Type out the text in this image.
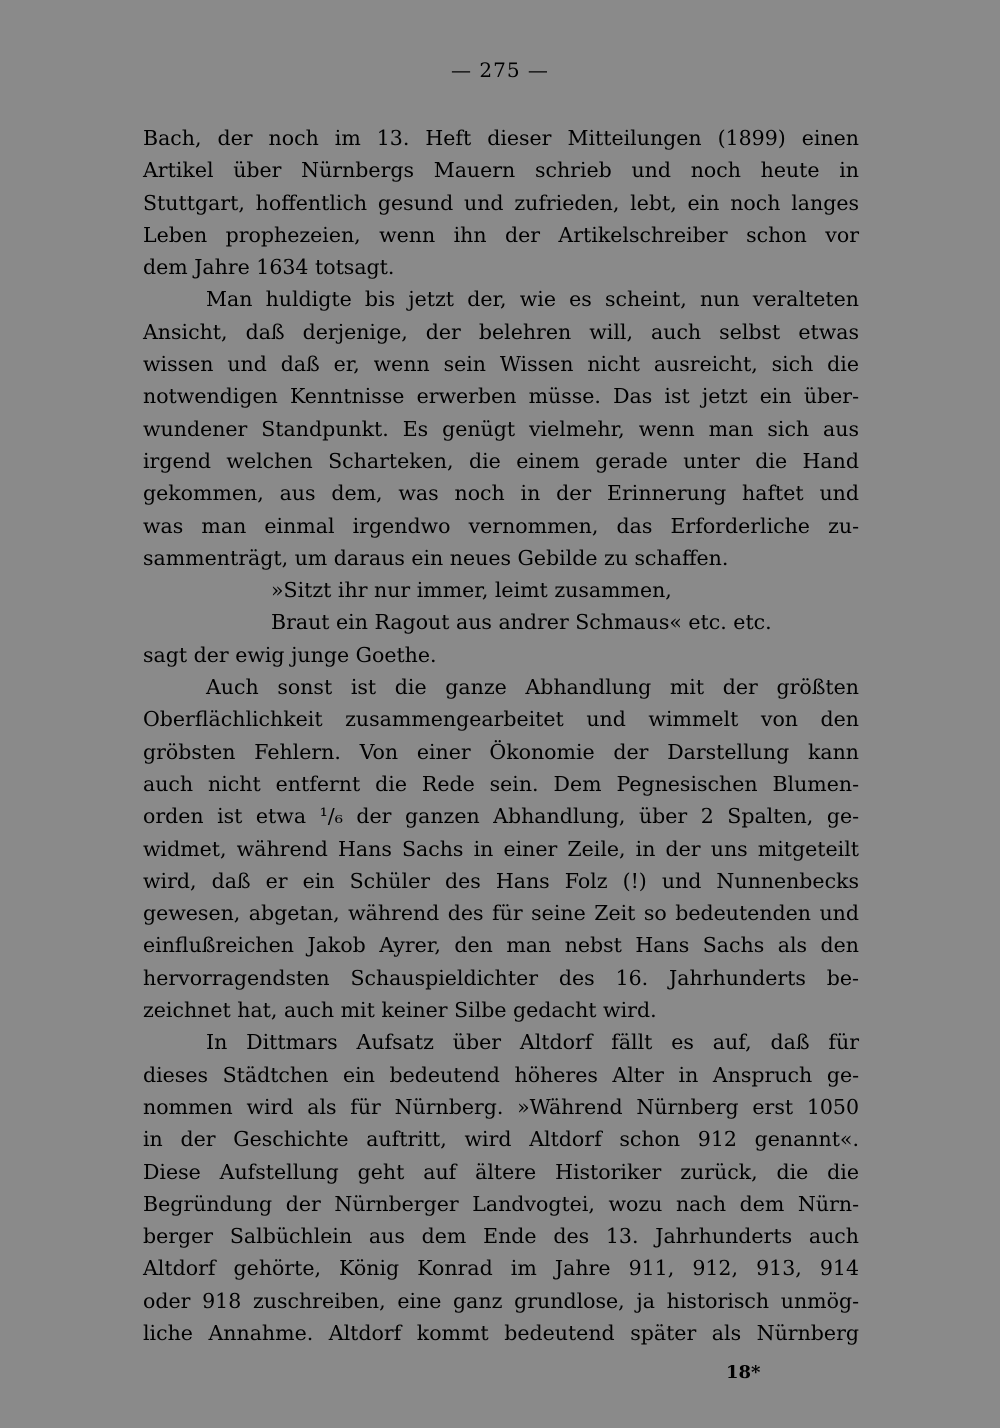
— 275 —
Bach, der noch im 13. Heft dieser Mitteilungen (1899) einen
Artikel über Nürnbergs Mauern schrieb und noch heute in
Stuttgart, hoffentlich gesund und zufrieden, lebt, ein noch langes
Leben prophezeien, wenn ihn der Artikelschreiber schon vor
dem Jahre 1634 totsagt.
Man huldigte bis jetzt der, wie es scheint, nun veralteten
Ansicht, daß derjenige, der belehren will, auch selbst etwas
wissen und daß er, wenn sein Wissen nicht ausreicht, sich die
notwendigen Kenntnisse erwerben müsse. Das ist jetzt ein über-
wundener Standpunkt. Es genügt vielmehr, wenn man sich aus
irgend welchen Scharteken, die einem gerade unter die Hand
gekommen, aus dem, was noch in der Erinnerung haftet und
was man einmal irgendwo vernommen, das Erforderliche zu-
sammenträgt, um daraus ein neues Gebilde zu schaffen.
»Sitzt ihr nur immer, leimt zusammen,
Braut ein Ragout aus andrer Schmaus« etc. etc.
sagt der ewig junge Goethe.
Auch sonst ist die ganze Abhandlung mit der größten
Oberflächlichkeit zusammengearbeitet und wimmelt von den
gröbsten Fehlern. Von einer Ökonomie der Darstellung kann
auch nicht entfernt die Rede sein. Dem Pegnesischen Blumen-
orden ist etwa ¹/₆ der ganzen Abhandlung, über 2 Spalten, ge-
widmet, während Hans Sachs in einer Zeile, in der uns mitgeteilt
wird, daß er ein Schüler des Hans Folz (!) und Nunnenbecks
gewesen, abgetan, während des für seine Zeit so bedeutenden und
einflußreichen Jakob Ayrer, den man nebst Hans Sachs als den
hervorragendsten Schauspieldichter des 16. Jahrhunderts be-
zeichnet hat, auch mit keiner Silbe gedacht wird.
In Dittmars Aufsatz über Altdorf fällt es auf, daß für
dieses Städtchen ein bedeutend höheres Alter in Anspruch ge-
nommen wird als für Nürnberg. »Während Nürnberg erst 1050
in der Geschichte auftritt, wird Altdorf schon 912 genannt«.
Diese Aufstellung geht auf ältere Historiker zurück, die die
Begründung der Nürnberger Landvogtei, wozu nach dem Nürn-
berger Salbüchlein aus dem Ende des 13. Jahrhunderts auch
Altdorf gehörte, König Konrad im Jahre 911, 912, 913, 914
oder 918 zuschreiben, eine ganz grundlose, ja historisch unmög-
liche Annahme. Altdorf kommt bedeutend später als Nürnberg
18*
